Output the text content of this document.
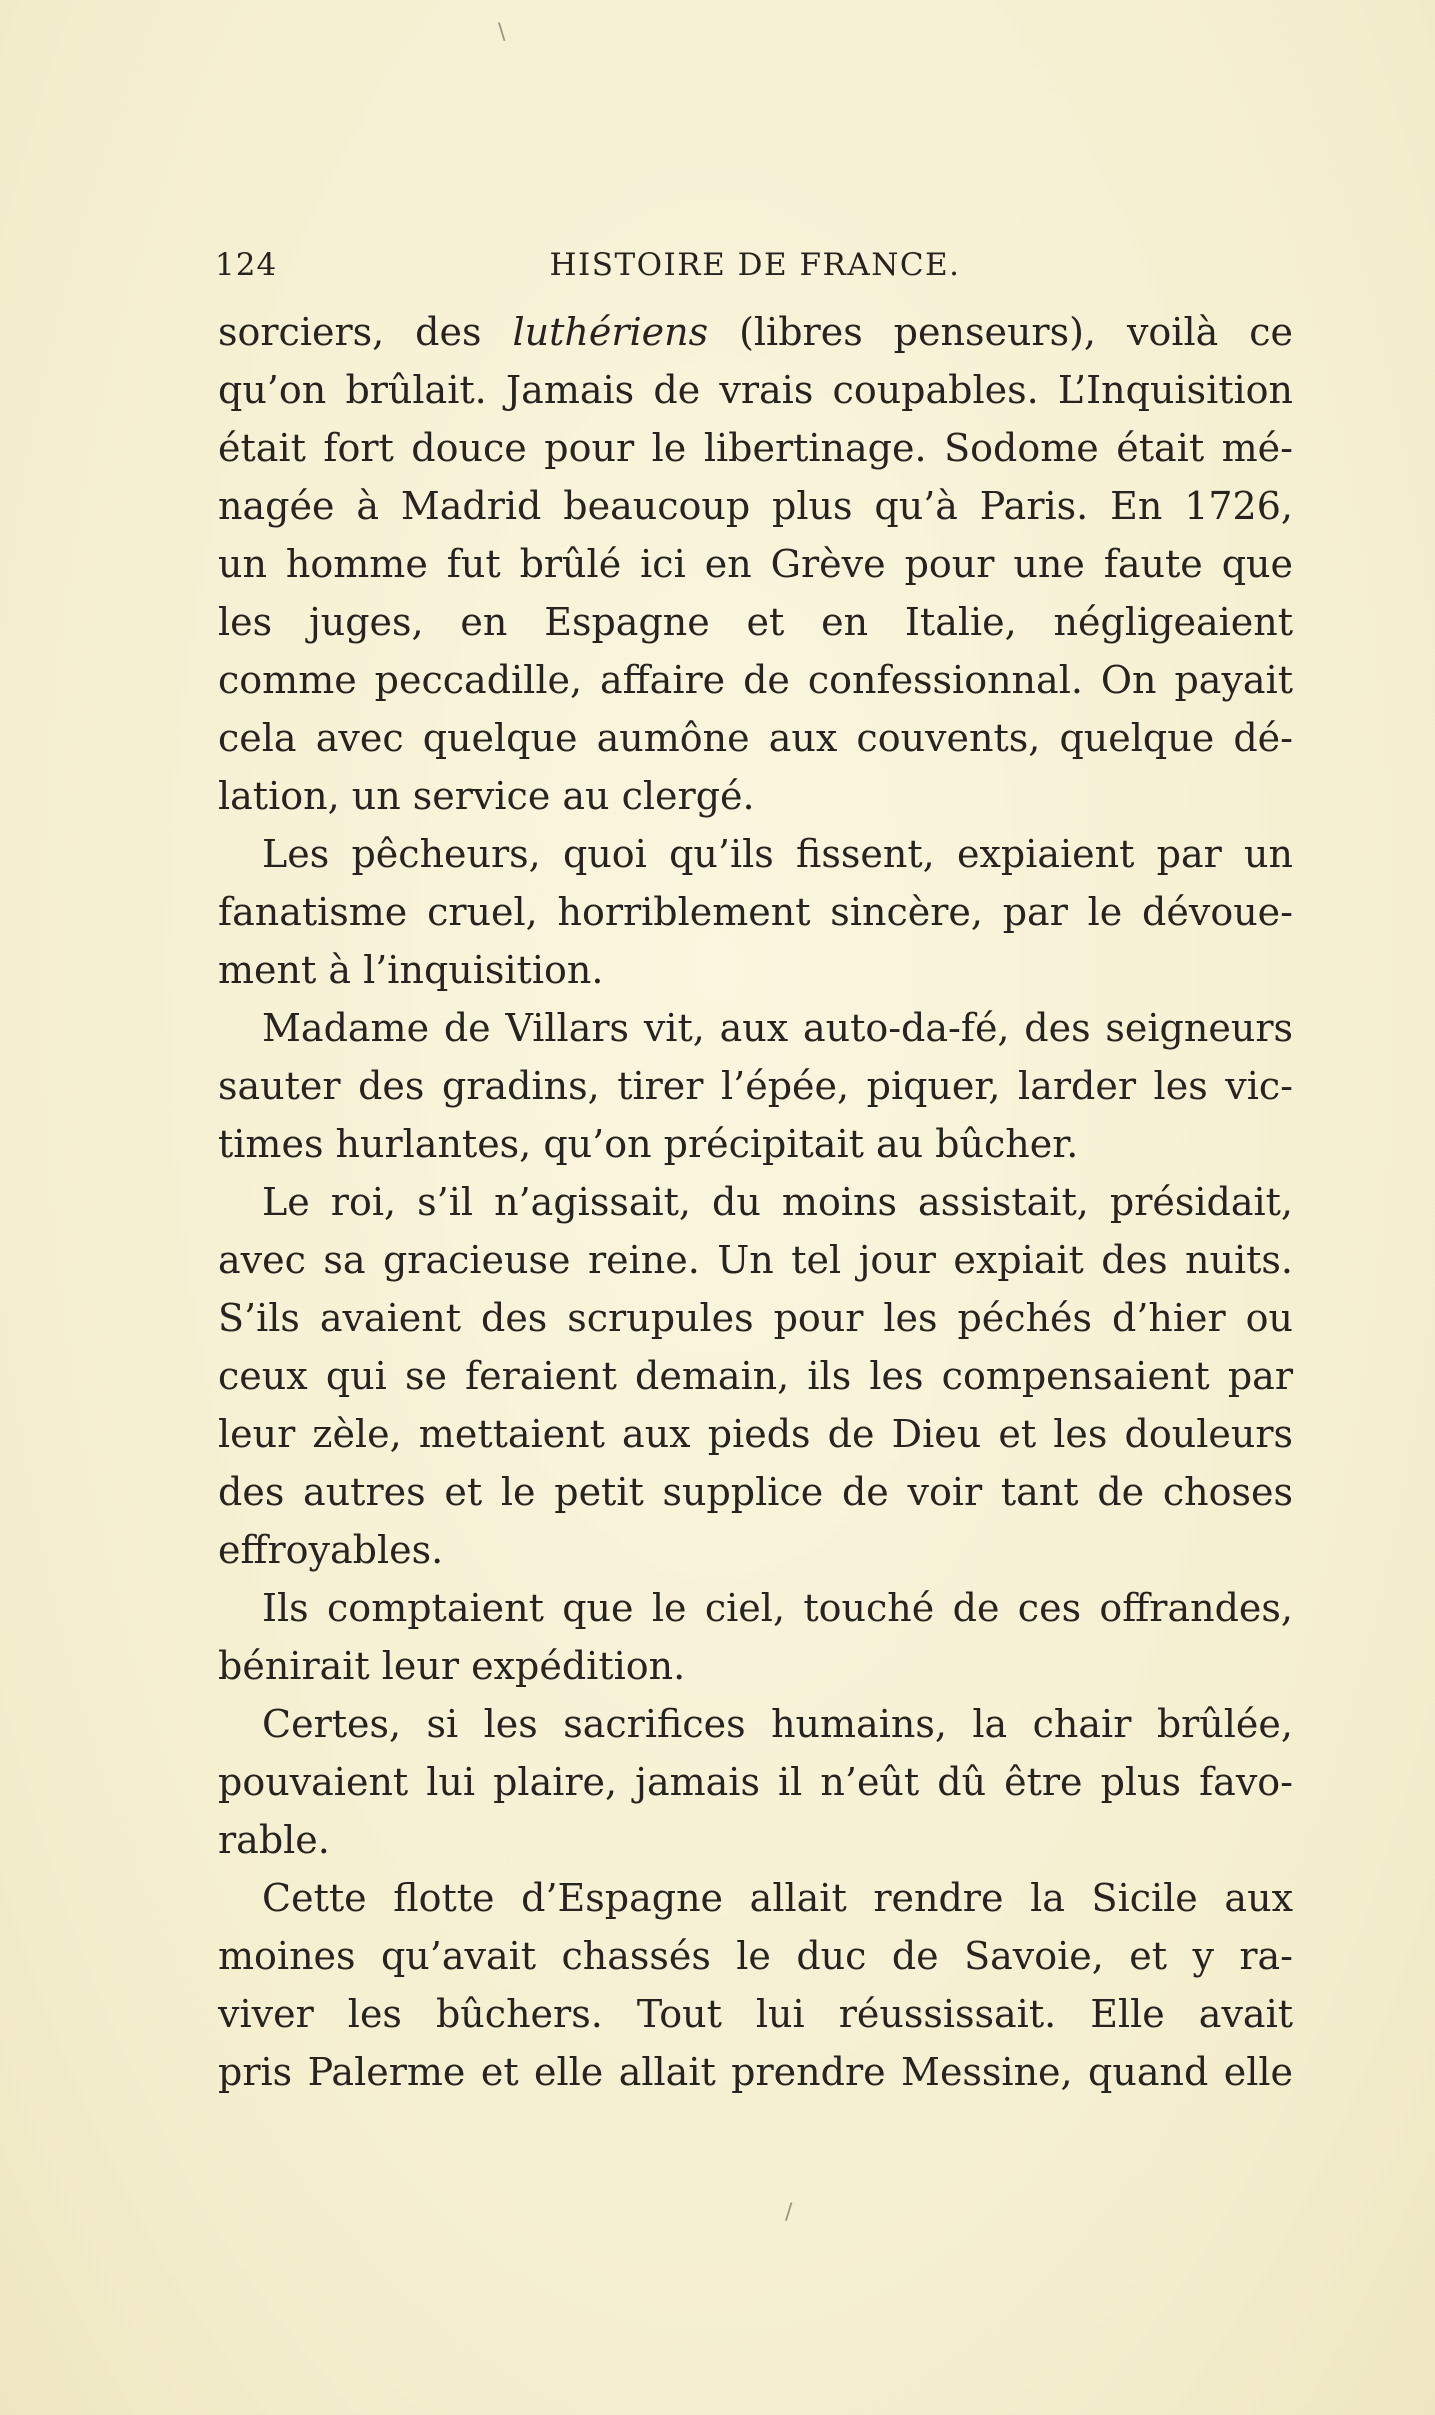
124	HISTOIRE DE FRANCE.
sorciers, des luthériens (libres penseurs), voilà ce
qu’on brûlait. Jamais de vrais coupables. L’Inquisition
était fort douce pour le libertinage. Sodome était mé-
nagée à Madrid beaucoup plus qu’à Paris. En 1726,
un homme fut brûlé ici en Grève pour une faute que
les juges, en Espagne et en Italie, négligeaient
comme peccadille, affaire de confessionnal. On payait
cela avec quelque aumône aux couvents, quelque dé-
lation, un service au clergé.
Les pêcheurs, quoi qu’ils fissent, expiaient par un
fanatisme cruel, horriblement sincère, par le dévoue-
ment à l’inquisition.
Madame de Villars vit, aux auto-da-fé, des seigneurs
sauter des gradins, tirer l’épée, piquer, larder les vic-
times hurlantes, qu’on précipitait au bûcher.
Le roi, s’il n’agissait, du moins assistait, présidait,
avec sa gracieuse reine. Un tel jour expiait des nuits.
S’ils avaient des scrupules pour les péchés d’hier ou
ceux qui se feraient demain, ils les compensaient par
leur zèle, mettaient aux pieds de Dieu et les douleurs
des autres et le petit supplice de voir tant de choses
effroyables.
Ils comptaient que le ciel, touché de ces offrandes,
bénirait leur expédition.
Certes, si les sacrifices humains, la chair brûlée,
pouvaient lui plaire, jamais il n’eût dû être plus favo-
rable.
Cette flotte d’Espagne allait rendre la Sicile aux
moines qu’avait chassés le duc de Savoie, et y ra-
viver les bûchers. Tout lui réussissait. Elle avait
pris Palerme et elle allait prendre Messine, quand elle
\
/
